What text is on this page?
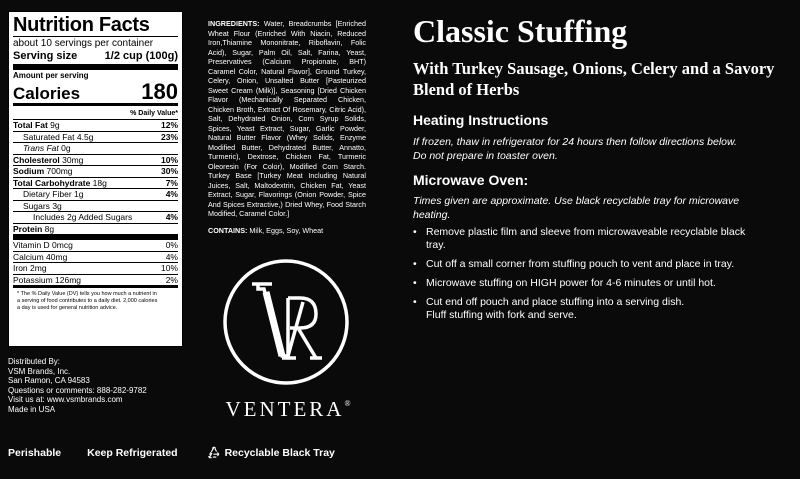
Nutrition Facts
about 10 servings per container
Serving size 1/2 cup (100g)
Amount per serving
Calories	180
% Daily Value*
Total Fat 9g	12%
Saturated Fat 4.5g	23%
Trans Fat 0g
Cholesterol 30mg	10%
Sodium 700mg	30%
Total Carbohydrate 18g	7%
Dietary Fiber 1g	4%
Sugars 3g
Includes 2g Added Sugars	4%
Protein 8g
Vitamin D 0mcg	0%
Calcium 40mg	4%
Iron 2mg	10%
Potassium 126mg	2%
* The % Daily Value (DV) tells you how much a nutrient in
a serving of food contributes to a daily diet. 2,000 calories
a day is used for general nutrition advice.
Distributed By:
VSM Brands, Inc.
San Ramon, CA 94583
Questions or comments: 888-282-9782
Visit us at: www.vsmbrands.com
Made in USA
Perishable Keep Refrigerated	Recyclable Black Tray
INGREDIENTS: Water, Breadcrumbs [Enriched Wheat Flour (Enriched With Niacin, Reduced Iron,Thiamine Mononitrate, Riboflavin, Folic Acid), Sugar, Palm Oil, Salt, Farina, Yeast, Preservatives (Calcium Propionate, BHT) Caramel Color, Natural Flavor], Ground Turkey, Celery, Onion, Unsalted Butter [Pasteurized Sweet Cream (Milk)], Seasoning [Dried Chicken Flavor (Mechanically Separated Chicken, Chicken Broth, Extract Of Rosemary, Citric Acid), Salt, Dehydrated Onion, Corn Syrup Solids, Spices, Yeast Extract, Sugar, Garlic Powder, Natural Butter Flavor (Whey Solids, Enzyme Modified Butter, Dehydrated Butter, Annatto, Turmeric), Dextrose, Chicken Fat, Turmeric Oleoresin (For Color), Modified Corn Starch. Turkey Base [Turkey Meat Including Natural Juices, Salt, Maltodextrin, Chicken Fat, Yeast Extract, Sugar, Flavorings (Onion Powder, Spice And Spices Extractive,) Dried Whey, Food Starch Modified, Caramel Color.]
CONTAINS: Milk, Eggs, Soy, Wheat
VENTERA®
Classic Stuffing
With Turkey Sausage, Onions, Celery and a Savory Blend of Herbs
Heating Instructions
If frozen, thaw in refrigerator for 24 hours then follow directions below.
Do not prepare in toaster oven.
Microwave Oven:
Times given are approximate. Use black recyclable tray for microwave
heating.
• Remove plastic film and sleeve from microwaveable recyclable black
tray.
• Cut off a small corner from stuffing pouch to vent and place in tray.
• Microwave stuffing on HIGH power for 4-6 minutes or until hot.
• Cut end off pouch and place stuffing into a serving dish.
Fluff stuffing with fork and serve.
